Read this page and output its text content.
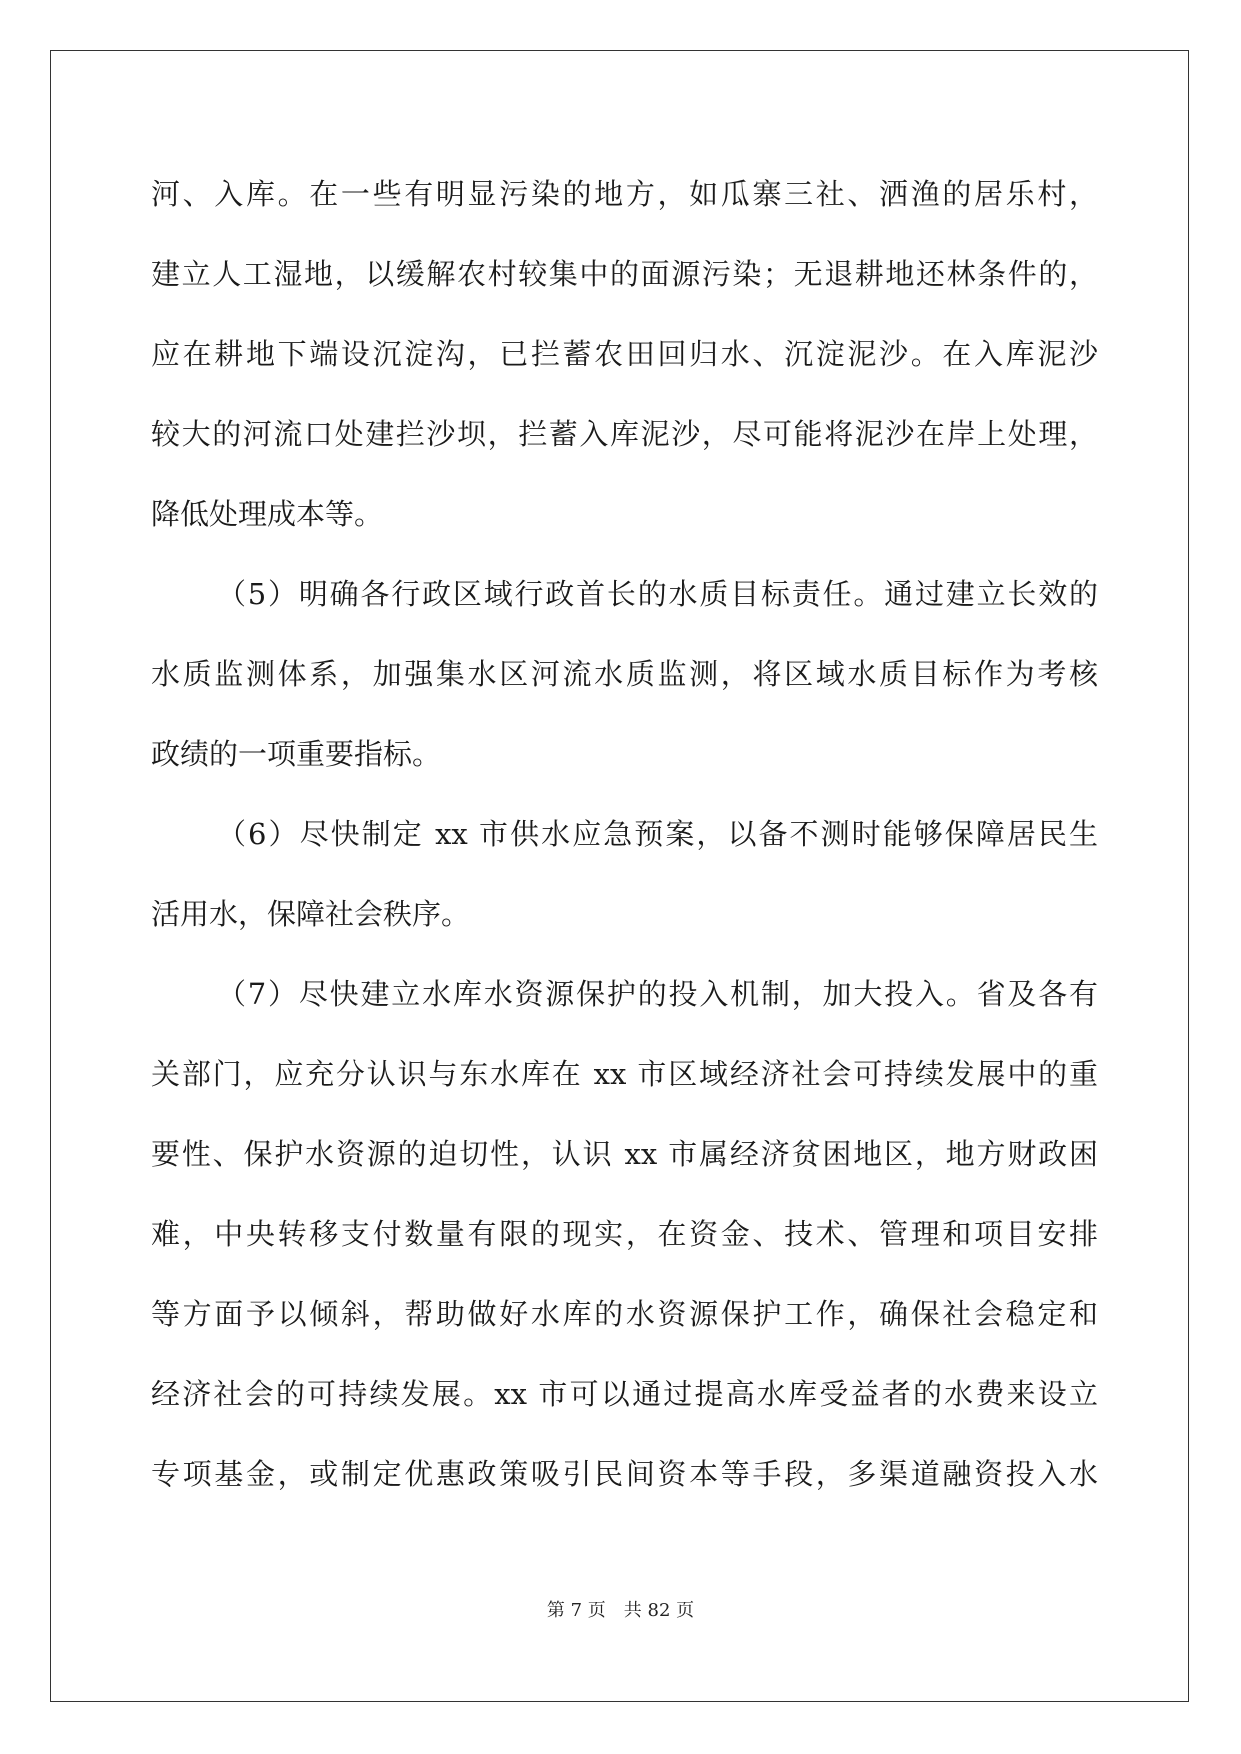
河、入库。在一些有明显污染的地方，如瓜寨三社、洒渔的居乐村，
建立人工湿地，以缓解农村较集中的面源污染；无退耕地还林条件的，
应在耕地下端设沉淀沟，已拦蓄农田回归水、沉淀泥沙。在入库泥沙
较大的河流口处建拦沙坝，拦蓄入库泥沙，尽可能将泥沙在岸上处理，
降低处理成本等。
（5）明确各行政区域行政首长的水质目标责任。通过建立长效的
水质监测体系，加强集水区河流水质监测，将区域水质目标作为考核
政绩的一项重要指标。
（6）尽快制定 xx 市供水应急预案，以备不测时能够保障居民生
活用水，保障社会秩序。
（7）尽快建立水库水资源保护的投入机制，加大投入。省及各有
关部门，应充分认识与东水库在 xx 市区域经济社会可持续发展中的重
要性、保护水资源的迫切性，认识 xx 市属经济贫困地区，地方财政困
难，中央转移支付数量有限的现实，在资金、技术、管理和项目安排
等方面予以倾斜，帮助做好水库的水资源保护工作，确保社会稳定和
经济社会的可持续发展。xx 市可以通过提高水库受益者的水费来设立
专项基金，或制定优惠政策吸引民间资本等手段，多渠道融资投入水
第 7 页　共 82 页
